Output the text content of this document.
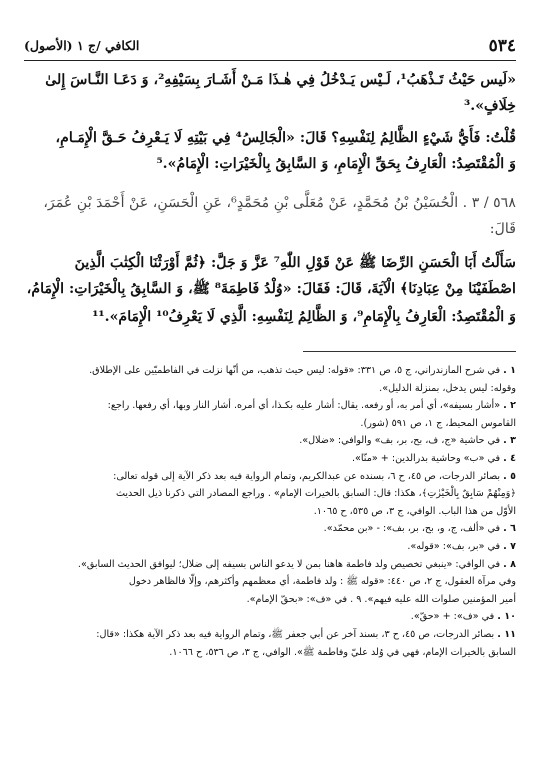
٥٣٤
الكافي /ج ١ (الأصول)
«لَيس حَيْثُ تَـذْهَبُ¹، لَـيْس يَـدْخُلُ فِي هٰـذَا مَـنْ أَشَـارَ بِسَيْفِهِ²، وَ دَعَـا النَّـاسَ إِلىٰ
خِلَافٍ».³
قُلْتُ: فَأَيُّ شَيْءٍ الظَّالِمُ لِنَفْسِهِ؟ قَالَ: «الْجَالِسُ⁴ فِي بَيْتِهِ لَا يَـعْرِفُ حَـقَّ الْإِمَـامِ،
وَ الْمُقْتَصِدُ: الْعَارِفُ بِحَقِّ الْإِمَامِ، وَ السَّابِقُ بِالْخَيْرَاتِ: الْإِمَامُ».⁵
٥٦٨ / ٣ . الْحُسَيْنُ بْنُ مُحَمَّدٍ، عَنْ مُعَلَّى بْنِ مُحَمَّدٍ⁶، عَنِ الْحَسَنِ، عَنْ أَحْمَدَ بْنِ عُمَرَ،
قَالَ:
سَأَلْتُ أَبَا الْحَسَنِ الرِّضَا ﷺ عَنْ قَوْلِ اللّٰهِ⁷ عَزَّ وَ جَلَّ: ﴿ثُمَّ أَوْرَثْنَا الْكِتٰبَ الَّذِينَ
اصْطَفَيْنَا مِنْ عِبَادِنَا﴾ الْآيَةَ، قَالَ: فَقَالَ: «وُلْدُ فَاطِمَةَ⁸ ﷺ، وَ السَّابِقُ بِالْخَيْرَاتِ: الْإِمَامُ،
وَ الْمُقْتَصِدُ: الْعَارِفُ بِالْإِمَامِ⁹، وَ الظَّالِمُ لِنَفْسِهِ: الَّذِي لَا يَعْرِفُ¹⁰ الْإِمَامَ».¹¹
١ . في شرح المازندراني، ج ٥، ص ٣٣١: «قوله: ليس حيث تذهب، من أنّها نزلت في الفاطميّين على الإطلاق.
وقوله: ليس يدخل، بمنزلة الدليل».
٢ . «أشار بسيفه»، أي أمر به، أو رفعه. يقال: أشار عليه بكـذا، أي أمره. أشار النار وبها، أي رفعها. راجع:
القاموس المحيط، ج ١، ص ٥٩١ (شور).
٣ . في حاشية «ج، ف، بح، بر، بف» والوافي: «ضلال».
٤ . في «ب» وحاشية بدرالدين: + «منّا».
٥ . بصائر الدرجات، ص ٤٥، ح ٦، بسنده عن عبدالكريم، وتمام الرواية فيه بعد ذكر الآية إلى قوله تعالى:
﴿وَمِنْهُمْ سَابِقٌ بِالْخَيْرٰتِ﴾، هكذا: قال: السابق بالخيرات الإمام» . وراجع المصادر التي ذكرنا ذيل الحديث
الأوّل من هذا الباب. الوافي، ج ٣، ص ٥٣٥، ح ١٠٦٥.
٦ . في «ألف، ج، و، بح، بر، بف»: - «بن محمّد».
٧ . في «بر، بف»: «قوله».
٨ . في الوافي: «ينبغي تخصيص ولد فاطمة هاهنا بمن لا يدعو الناس بسيفه إلى ضلال؛ ليوافق الحديث السابق».
وفي مرآة العقول، ج ٢، ص ٤٤٠: «قوله ﷺ : ولد فاطمة، أي معظمهم وأكثرهم، وإلّا فالظاهر دخول
أمير المؤمنين صلوات الله عليه فيهم». ٩ . في «ف»: «بحقّ الإمام».
١٠ . في «ف»: + «حقّ».
١١ . بصائر الدرجات، ص ٤٥، ح ٣، بسند آخر عن أبي جعفر ﷺ، وتمام الرواية فيه بعد ذكر الآية هكذا: «قال:
السابق بالخيرات الإمام، فهي في وُلد عليّ وفاطمة ﷺ». الوافي، ج ٣، ص ٥٣٦، ح ١٠٦٦.
